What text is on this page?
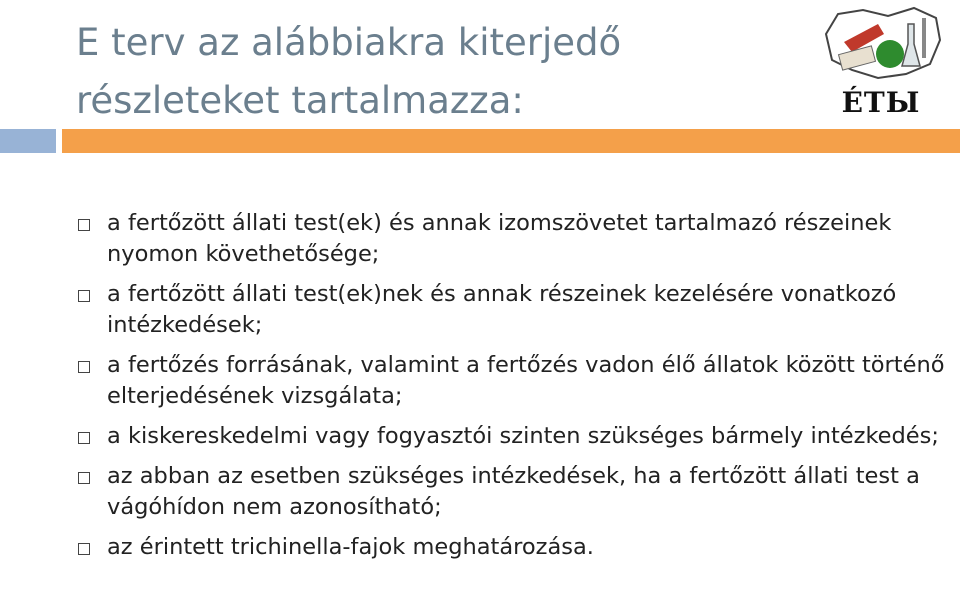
E terv az alábbiakra kiterjedő részleteket tartalmazza:	ÉTЫ
a fertőzött állati test(ek) és annak izomszövetet tartalmazó részeinek nyomon követhetősége;
a fertőzött állati test(ek)nek és annak részeinek kezelésére vonatkozó intézkedések;
a fertőzés forrásának, valamint a fertőzés vadon élő állatok között történő elterjedésének vizsgálata;
a kiskereskedelmi vagy fogyasztói szinten szükséges bármely intézkedés;
az abban az esetben szükséges intézkedések, ha a fertőzött állati test a vágóhídon nem azonosítható;
az érintett trichinella-fajok meghatározása.
